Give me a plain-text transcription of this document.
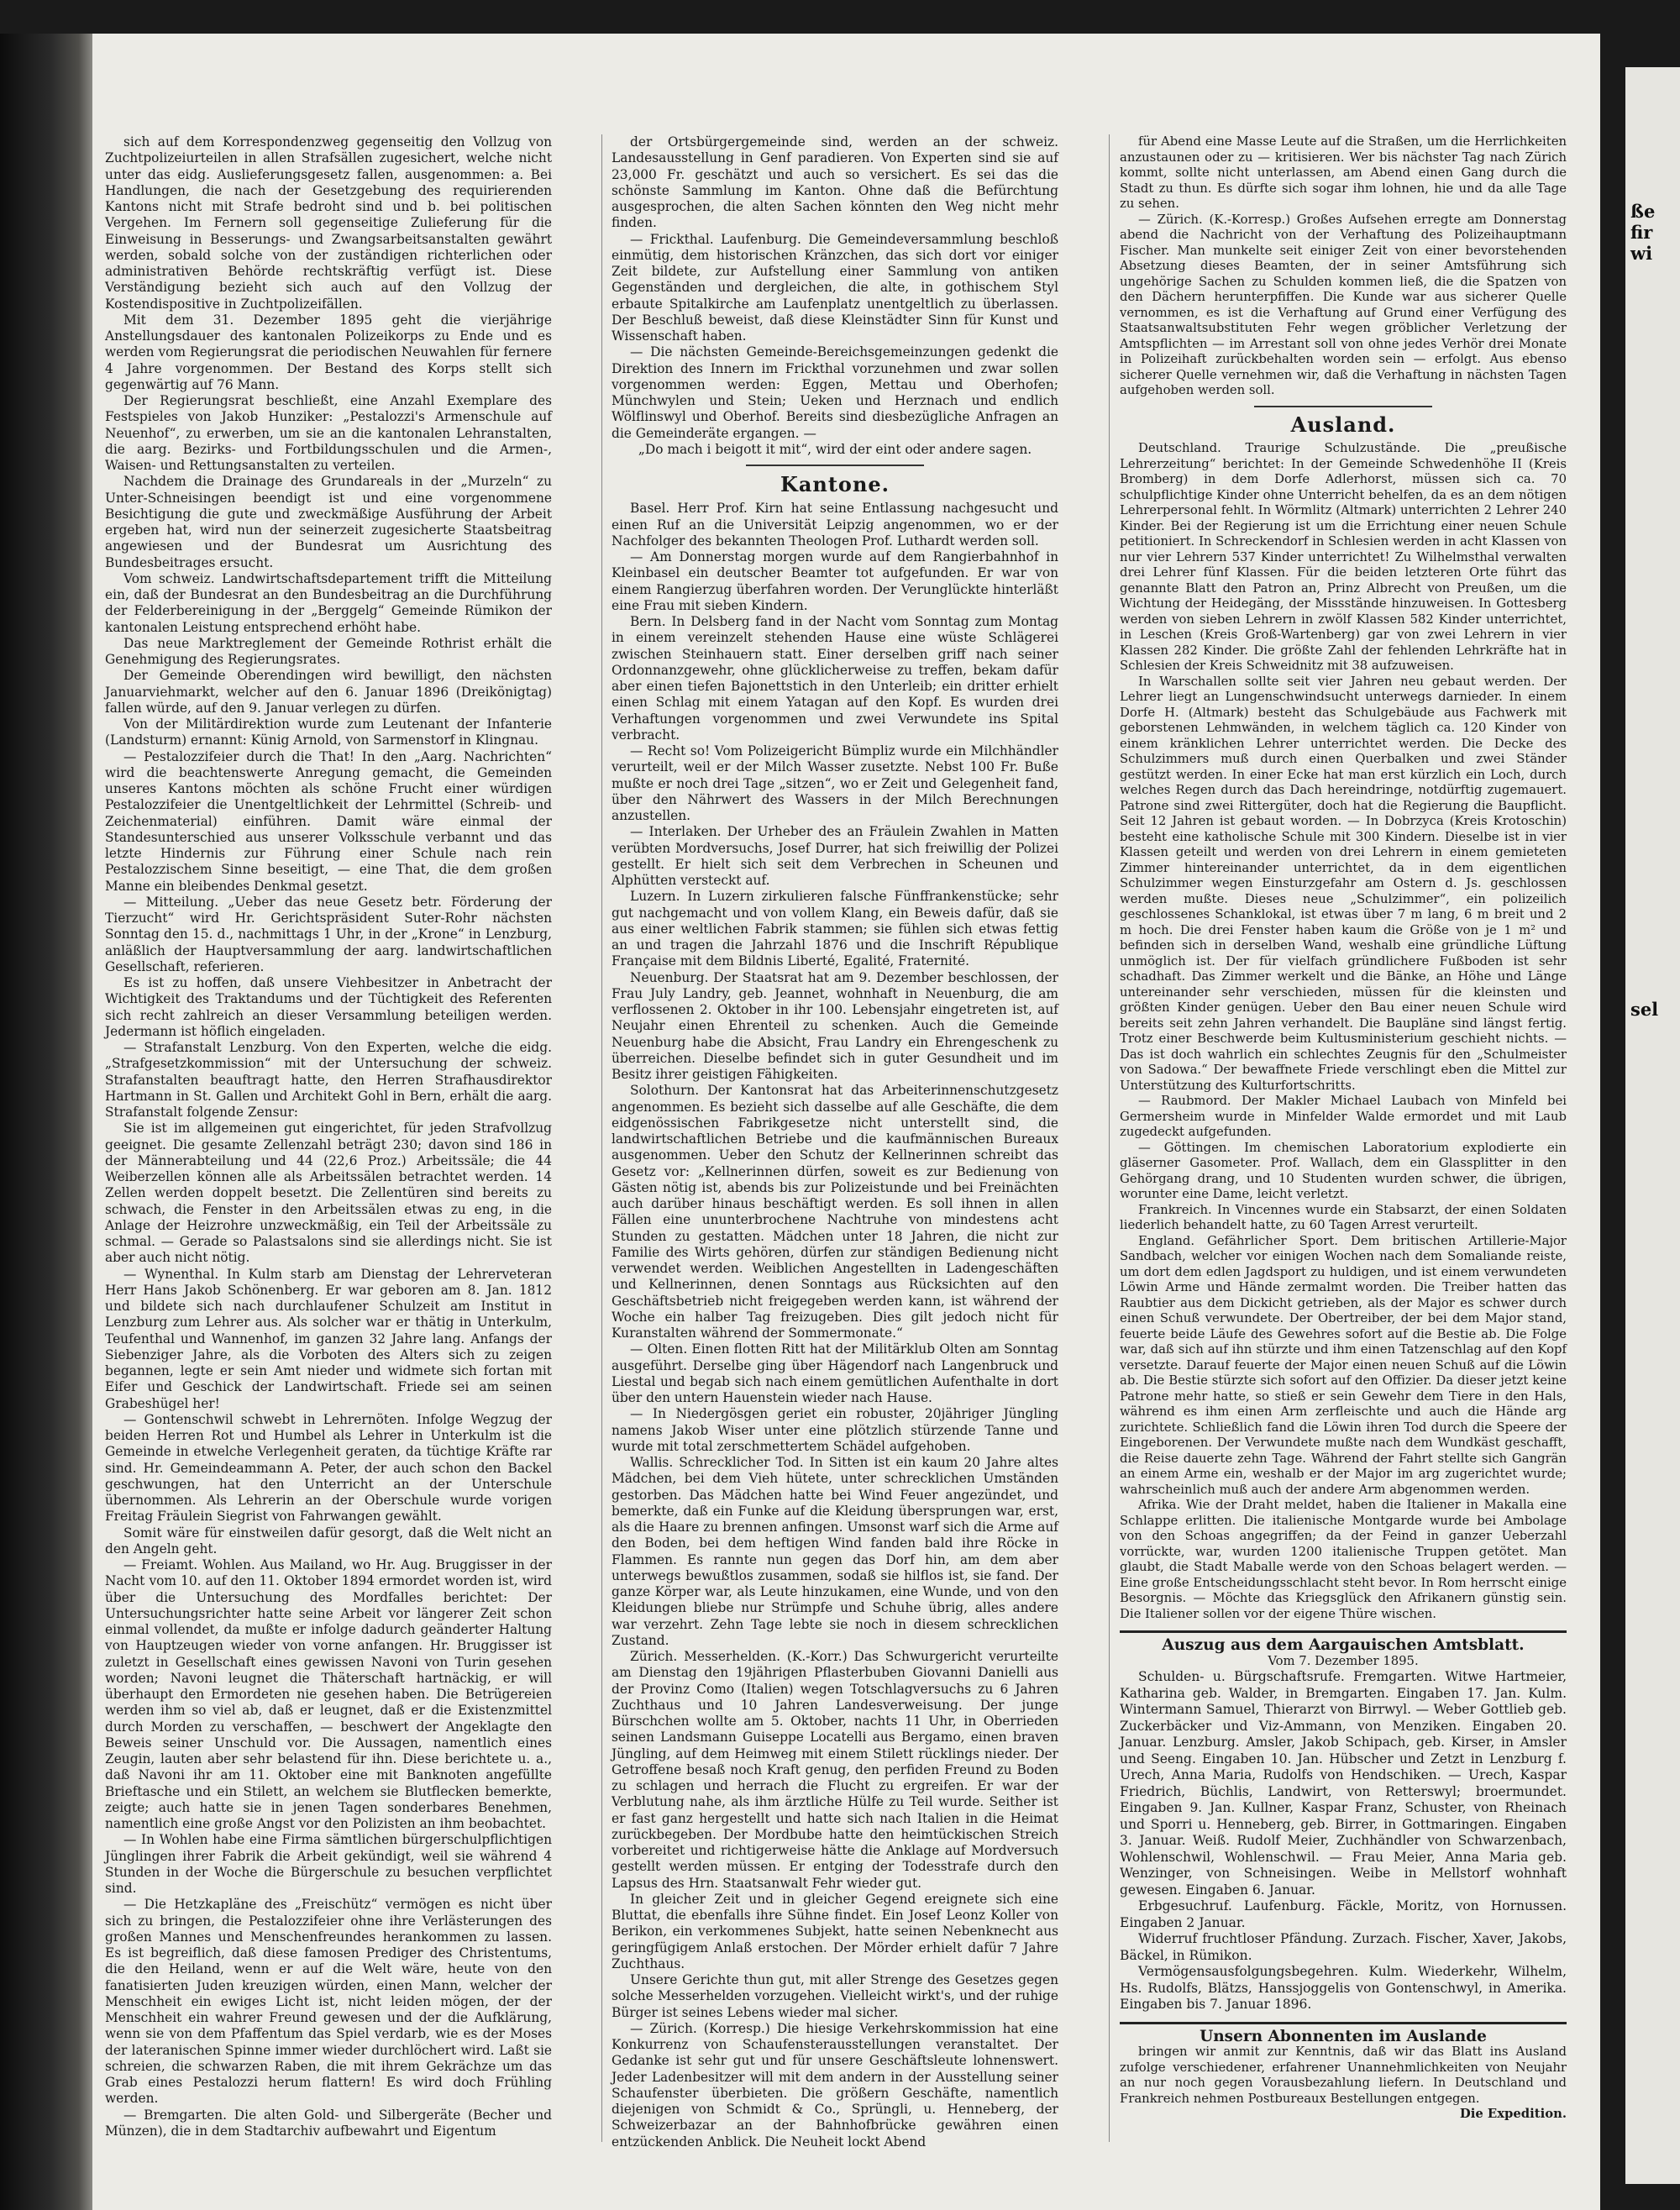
sich auf dem Korrespondenzweg gegenseitig den Vollzug von Zuchtpolizeiurteilen in allen Strafsällen zugesichert, welche nicht unter das eidg. Auslieferungsgesetz fallen, ausgenommen: a. Bei Handlungen, die nach der Gesetzgebung des requirierenden Kantons nicht mit Strafe bedroht sind und b. bei politischen Vergehen. Im Fernern soll gegenseitige Zulieferung für die Einweisung in Besserungs- und Zwangsarbeitsanstalten gewährt werden, sobald solche von der zuständigen richterlichen oder administrativen Behörde rechtskräftig verfügt ist. Diese Verständigung bezieht sich auch auf den Vollzug der Kostendispositive in Zuchtpolizeifällen.

Mit dem 31. Dezember 1895 geht die vierjährige Anstellungsdauer des kantonalen Polizeikorps zu Ende und es werden vom Regierungsrat die periodischen Neuwahlen für fernere 4 Jahre vorgenommen. Der Bestand des Korps stellt sich gegenwärtig auf 76 Mann.

Der Regierungsrat beschließt, eine Anzahl Exemplare des Festspieles von Jakob Hunziker: „Pestalozzi's Armenschule auf Neuenhof“, zu erwerben, um sie an die kantonalen Lehranstalten, die aarg. Bezirks- und Fortbildungsschulen und die Armen-, Waisen- und Rettungsanstalten zu verteilen.

Nachdem die Drainage des Grundareals in der „Murzeln“ zu Unter-Schneisingen beendigt ist und eine vorgenommene Besichtigung die gute und zweckmäßige Ausführung der Arbeit ergeben hat, wird nun der seinerzeit zugesicherte Staatsbeitrag angewiesen und der Bundesrat um Ausrichtung des Bundesbeitrages ersucht.

Vom schweiz. Landwirtschaftsdepartement trifft die Mitteilung ein, daß der Bundesrat an den Bundesbeitrag an die Durchführung der Felderbereinigung in der „Berggelg“ Gemeinde Rümikon der kantonalen Leistung entsprechend erhöht habe.

Das neue Marktreglement der Gemeinde Rothrist erhält die Genehmigung des Regierungsrates.

Der Gemeinde Oberendingen wird bewilligt, den nächsten Januarviehmarkt, welcher auf den 6. Januar 1896 (Dreikönigtag) fallen würde, auf den 9. Januar verlegen zu dürfen.

Von der Militärdirektion wurde zum Leutenant der Infanterie (Landsturm) ernannt: Künig Arnold, von Sarmenstorf in Klingnau.

— Pestalozzifeier durch die That! In den „Aarg. Nachrichten“ wird die beachtenswerte Anregung gemacht, die Gemeinden unseres Kantons möchten als schöne Frucht einer würdigen Pestalozzifeier die Unentgeltlichkeit der Lehrmittel (Schreib- und Zeichenmaterial) einführen. Damit wäre einmal der Standesunterschied aus unserer Volksschule verbannt und das letzte Hindernis zur Führung einer Schule nach rein Pestalozzischem Sinne beseitigt, — eine That, die dem großen Manne ein bleibendes Denkmal gesetzt.

— Mitteilung. „Ueber das neue Gesetz betr. Förderung der Tierzucht“ wird Hr. Gerichtspräsident Suter-Rohr nächsten Sonntag den 15. d., nachmittags 1 Uhr, in der „Krone“ in Lenzburg, anläßlich der Hauptversammlung der aarg. landwirtschaftlichen Gesellschaft, referieren.

Es ist zu hoffen, daß unsere Viehbesitzer in Anbetracht der Wichtigkeit des Traktandums und der Tüchtigkeit des Referenten sich recht zahlreich an dieser Versammlung beteiligen werden. Jedermann ist höflich eingeladen.

— Strafanstalt Lenzburg. Von den Experten, welche die eidg. „Strafgesetzkommission“ mit der Untersuchung der schweiz. Strafanstalten beauftragt hatte, den Herren Strafhausdirektor Hartmann in St. Gallen und Architekt Gohl in Bern, erhält die aarg. Strafanstalt folgende Zensur:

Sie ist im allgemeinen gut eingerichtet, für jeden Strafvollzug geeignet. Die gesamte Zellenzahl beträgt 230; davon sind 186 in der Männerabteilung und 44 (22,6 Proz.) Arbeitssäle; die 44 Weiberzellen können alle als Arbeitssälen betrachtet werden. 14 Zellen werden doppelt besetzt. Die Zellentüren sind bereits zu schwach, die Fenster in den Arbeitssälen etwas zu eng, in die Anlage der Heizrohre unzweckmäßig, ein Teil der Arbeitssäle zu schmal. — Gerade so Palastsalons sind sie allerdings nicht. Sie ist aber auch nicht nötig.

— Wynenthal. In Kulm starb am Dienstag der Lehrerveteran Herr Hans Jakob Schönenberg. Er war geboren am 8. Jan. 1812 und bildete sich nach durchlaufener Schulzeit am Institut in Lenzburg zum Lehrer aus. Als solcher war er thätig in Unterkulm, Teufenthal und Wannenhof, im ganzen 32 Jahre lang. Anfangs der Siebenziger Jahre, als die Vorboten des Alters sich zu zeigen begannen, legte er sein Amt nieder und widmete sich fortan mit Eifer und Geschick der Landwirtschaft. Friede sei am seinen Grabeshügel her!

— Gontenschwil schwebt in Lehrernöten. Infolge Wegzug der beiden Herren Rot und Humbel als Lehrer in Unterkulm ist die Gemeinde in etwelche Verlegenheit geraten, da tüchtige Kräfte rar sind. Hr. Gemeindeammann A. Peter, der auch schon den Backel geschwungen, hat den Unterricht an der Unterschule übernommen. Als Lehrerin an der Oberschule wurde vorigen Freitag Fräulein Siegrist von Fahrwangen gewählt.

Somit wäre für einstweilen dafür gesorgt, daß die Welt nicht an den Angeln geht.

— Freiamt. Wohlen. Aus Mailand, wo Hr. Aug. Bruggisser in der Nacht vom 10. auf den 11. Oktober 1894 ermordet worden ist, wird über die Untersuchung des Mordfalles berichtet: Der Untersuchungsrichter hatte seine Arbeit vor längerer Zeit schon einmal vollendet, da mußte er infolge dadurch geänderter Haltung von Hauptzeugen wieder von vorne anfangen. Hr. Bruggisser ist zuletzt in Gesellschaft eines gewissen Navoni von Turin gesehen worden; Navoni leugnet die Thäterschaft hartnäckig, er will überhaupt den Ermordeten nie gesehen haben. Die Betrügereien werden ihm so viel ab, daß er leugnet, daß er die Existenzmittel durch Morden zu verschaffen, — beschwert der Angeklagte den Beweis seiner Unschuld vor. Die Aussagen, namentlich eines Zeugin, lauten aber sehr belastend für ihn. Diese berichtete u. a., daß Navoni ihr am 11. Oktober eine mit Banknoten angefüllte Brieftasche und ein Stilett, an welchem sie Blutflecken bemerkte, zeigte; auch hatte sie in jenen Tagen sonderbares Benehmen, namentlich eine große Angst vor den Polizisten an ihm beobachtet.

— In Wohlen habe eine Firma sämtlichen bürgerschulpflichtigen Jünglingen ihrer Fabrik die Arbeit gekündigt, weil sie während 4 Stunden in der Woche die Bürgerschule zu besuchen verpflichtet sind.

— Die Hetzkapläne des „Freischütz“ vermögen es nicht über sich zu bringen, die Pestalozzifeier ohne ihre Verlästerungen des großen Mannes und Menschenfreundes herankommen zu lassen. Es ist begreiflich, daß diese famosen Prediger des Christentums, die den Heiland, wenn er auf die Welt wäre, heute von den fanatisierten Juden kreuzigen würden, einen Mann, welcher der Menschheit ein ewiges Licht ist, nicht leiden mögen, der der Menschheit ein wahrer Freund gewesen und der die Aufklärung, wenn sie von dem Pfaffentum das Spiel verdarb, wie es der Moses der lateranischen Spinne immer wieder durchlöchert wird. Laßt sie schreien, die schwarzen Raben, die mit ihrem Gekrächze um das Grab eines Pestalozzi herum flattern! Es wird doch Frühling werden.

— Bremgarten. Die alten Gold- und Silbergeräte (Becher und Münzen), die in dem Stadtarchiv aufbewahrt und Eigentum

der Ortsbürgergemeinde sind, werden an der schweiz. Landesausstellung in Genf paradieren. Von Experten sind sie auf 23,000 Fr. geschätzt und auch so versichert. Es sei das die schönste Sammlung im Kanton. Ohne daß die Befürchtung ausgesprochen, die alten Sachen könnten den Weg nicht mehr finden.

— Frickthal. Laufenburg. Die Gemeindeversammlung beschloß einmütig, dem historischen Kränzchen, das sich dort vor einiger Zeit bildete, zur Aufstellung einer Sammlung von antiken Gegenständen und dergleichen, die alte, in gothischem Styl erbaute Spitalkirche am Laufenplatz unentgeltlich zu überlassen. Der Beschluß beweist, daß diese Kleinstädter Sinn für Kunst und Wissenschaft haben.

— Die nächsten Gemeinde-Bereichsgemeinzungen gedenkt die Direktion des Innern im Frickthal vorzunehmen und zwar sollen vorgenommen werden: Eggen, Mettau und Oberhofen; Münchwylen und Stein; Ueken und Herznach und endlich Wölflinswyl und Oberhof. Bereits sind diesbezügliche Anfragen an die Gemeinderäte ergangen. —

„Do mach i beigott it mit“, wird der eint oder andere sagen.

Kantone.

Basel. Herr Prof. Kirn hat seine Entlassung nachgesucht und einen Ruf an die Universität Leipzig angenommen, wo er der Nachfolger des bekannten Theologen Prof. Luthardt werden soll.

— Am Donnerstag morgen wurde auf dem Rangierbahnhof in Kleinbasel ein deutscher Beamter tot aufgefunden. Er war von einem Rangierzug überfahren worden. Der Verunglückte hinterläßt eine Frau mit sieben Kindern.

Bern. In Delsberg fand in der Nacht vom Sonntag zum Montag in einem vereinzelt stehenden Hause eine wüste Schlägerei zwischen Steinhauern statt. Einer derselben griff nach seiner Ordonnanzgewehr, ohne glücklicherweise zu treffen, bekam dafür aber einen tiefen Bajonettstich in den Unterleib; ein dritter erhielt einen Schlag mit einem Yatagan auf den Kopf. Es wurden drei Verhaftungen vorgenommen und zwei Verwundete ins Spital verbracht.

— Recht so! Vom Polizeigericht Bümpliz wurde ein Milchhändler verurteilt, weil er der Milch Wasser zusetzte. Nebst 100 Fr. Buße mußte er noch drei Tage „sitzen“, wo er Zeit und Gelegenheit fand, über den Nährwert des Wassers in der Milch Berechnungen anzustellen.

— Interlaken. Der Urheber des an Fräulein Zwahlen in Matten verübten Mordversuchs, Josef Durrer, hat sich freiwillig der Polizei gestellt. Er hielt sich seit dem Verbrechen in Scheunen und Alphütten versteckt auf.

Luzern. In Luzern zirkulieren falsche Fünffrankenstücke; sehr gut nachgemacht und von vollem Klang, ein Beweis dafür, daß sie aus einer weltlichen Fabrik stammen; sie fühlen sich etwas fettig an und tragen die Jahrzahl 1876 und die Inschrift République Française mit dem Bildnis Liberté, Egalité, Fraternité.

Neuenburg. Der Staatsrat hat am 9. Dezember beschlossen, der Frau July Landry, geb. Jeannet, wohnhaft in Neuenburg, die am verflossenen 2. Oktober in ihr 100. Lebensjahr eingetreten ist, auf Neujahr einen Ehrenteil zu schenken. Auch die Gemeinde Neuenburg habe die Absicht, Frau Landry ein Ehrengeschenk zu überreichen. Dieselbe befindet sich in guter Gesundheit und im Besitz ihrer geistigen Fähigkeiten.

Solothurn. Der Kantonsrat hat das Arbeiterinnenschutzgesetz angenommen. Es bezieht sich dasselbe auf alle Geschäfte, die dem eidgenössischen Fabrikgesetze nicht unterstellt sind, die landwirtschaftlichen Betriebe und die kaufmännischen Bureaux ausgenommen. Ueber den Schutz der Kellnerinnen schreibt das Gesetz vor: „Kellnerinnen dürfen, soweit es zur Bedienung von Gästen nötig ist, abends bis zur Polizeistunde und bei Freinächten auch darüber hinaus beschäftigt werden. Es soll ihnen in allen Fällen eine ununterbrochene Nachtruhe von mindestens acht Stunden zu gestatten. Mädchen unter 18 Jahren, die nicht zur Familie des Wirts gehören, dürfen zur ständigen Bedienung nicht verwendet werden. Weiblichen Angestellten in Ladengeschäften und Kellnerinnen, denen Sonntags aus Rücksichten auf den Geschäftsbetrieb nicht freigegeben werden kann, ist während der Woche ein halber Tag freizugeben. Dies gilt jedoch nicht für Kuranstalten während der Sommermonate.“

— Olten. Einen flotten Ritt hat der Militärklub Olten am Sonntag ausgeführt. Derselbe ging über Hägendorf nach Langenbruck und Liestal und begab sich nach einem gemütlichen Aufenthalte in dort über den untern Hauenstein wieder nach Hause.

— In Niedergösgen geriet ein robuster, 20jähriger Jüngling namens Jakob Wiser unter eine plötzlich stürzende Tanne und wurde mit total zerschmettertem Schädel aufgehoben.

Wallis. Schrecklicher Tod. In Sitten ist ein kaum 20 Jahre altes Mädchen, bei dem Vieh hütete, unter schrecklichen Umständen gestorben. Das Mädchen hatte bei Wind Feuer angezündet, und bemerkte, daß ein Funke auf die Kleidung übersprungen war, erst, als die Haare zu brennen anfingen. Umsonst warf sich die Arme auf den Boden, bei dem heftigen Wind fanden bald ihre Röcke in Flammen. Es rannte nun gegen das Dorf hin, am dem aber unterwegs bewußtlos zusammen, sodaß sie hilflos ist, sie fand. Der ganze Körper war, als Leute hinzukamen, eine Wunde, und von den Kleidungen bliebe nur Strümpfe und Schuhe übrig, alles andere war verzehrt. Zehn Tage lebte sie noch in diesem schrecklichen Zustand.

Zürich. Messerhelden. (K.-Korr.) Das Schwurgericht verurteilte am Dienstag den 19jährigen Pflasterbuben Giovanni Danielli aus der Provinz Como (Italien) wegen Totschlagversuchs zu 6 Jahren Zuchthaus und 10 Jahren Landesverweisung. Der junge Bürschchen wollte am 5. Oktober, nachts 11 Uhr, in Oberrieden seinen Landsmann Guiseppe Locatelli aus Bergamo, einen braven Jüngling, auf dem Heimweg mit einem Stilett rücklings nieder. Der Getroffene besaß noch Kraft genug, den perfiden Freund zu Boden zu schlagen und herrach die Flucht zu ergreifen. Er war der Verblutung nahe, als ihm ärztliche Hülfe zu Teil wurde. Seither ist er fast ganz hergestellt und hatte sich nach Italien in die Heimat zurückbegeben. Der Mordbube hatte den heimtückischen Streich vorbereitet und richtigerweise hätte die Anklage auf Mordversuch gestellt werden müssen. Er entging der Todesstrafe durch den Lapsus des Hrn. Staatsanwalt Fehr wieder gut.

In gleicher Zeit und in gleicher Gegend ereignete sich eine Bluttat, die ebenfalls ihre Sühne findet. Ein Josef Leonz Koller von Berikon, ein verkommenes Subjekt, hatte seinen Nebenknecht aus geringfügigem Anlaß erstochen. Der Mörder erhielt dafür 7 Jahre Zuchthaus.

Unsere Gerichte thun gut, mit aller Strenge des Gesetzes gegen solche Messerhelden vorzugehen. Vielleicht wirkt's, und der ruhige Bürger ist seines Lebens wieder mal sicher.

— Zürich. (Korresp.) Die hiesige Verkehrskommission hat eine Konkurrenz von Schaufensterausstellungen veranstaltet. Der Gedanke ist sehr gut und für unsere Geschäftsleute lohnenswert. Jeder Ladenbesitzer will mit dem andern in der Ausstellung seiner Schaufenster überbieten. Die größern Geschäfte, namentlich diejenigen von Schmidt & Co., Sprüngli, u. Henneberg, der Schweizerbazar an der Bahnhofbrücke gewähren einen entzückenden Anblick. Die Neuheit lockt Abend

für Abend eine Masse Leute auf die Straßen, um die Herrlichkeiten anzustaunen oder zu — kritisieren. Wer bis nächster Tag nach Zürich kommt, sollte nicht unterlassen, am Abend einen Gang durch die Stadt zu thun. Es dürfte sich sogar ihm lohnen, hie und da alle Tage zu sehen.

— Zürich. (K.-Korresp.) Großes Aufsehen erregte am Donnerstag abend die Nachricht von der Verhaftung des Polizeihauptmann Fischer. Man munkelte seit einiger Zeit von einer bevorstehenden Absetzung dieses Beamten, der in seiner Amtsführung sich ungehörige Sachen zu Schulden kommen ließ, die die Spatzen von den Dächern herunterpfiffen. Die Kunde war aus sicherer Quelle vernommen, es ist die Verhaftung auf Grund einer Verfügung des Staatsanwaltsubstituten Fehr wegen gröblicher Verletzung der Amtspflichten — im Arrestant soll von ohne jedes Verhör drei Monate in Polizeihaft zurückbehalten worden sein — erfolgt. Aus ebenso sicherer Quelle vernehmen wir, daß die Verhaftung in nächsten Tagen aufgehoben werden soll.

Ausland.

Deutschland. Traurige Schulzustände. Die „preußische Lehrerzeitung“ berichtet: In der Gemeinde Schwedenhöhe II (Kreis Bromberg) in dem Dorfe Adlerhorst, müssen sich ca. 70 schulpflichtige Kinder ohne Unterricht behelfen, da es an dem nötigen Lehrerpersonal fehlt. In Wörmlitz (Altmark) unterrichten 2 Lehrer 240 Kinder. Bei der Regierung ist um die Errichtung einer neuen Schule petitioniert. In Schreckendorf in Schlesien werden in acht Klassen von nur vier Lehrern 537 Kinder unterrichtet! Zu Wilhelmsthal verwalten drei Lehrer fünf Klassen. Für die beiden letzteren Orte führt das genannte Blatt den Patron an, Prinz Albrecht von Preußen, um die Wichtung der Heidegäng, der Missstände hinzuweisen. In Gottesberg werden von sieben Lehrern in zwölf Klassen 582 Kinder unterrichtet, in Leschen (Kreis Groß-Wartenberg) gar von zwei Lehrern in vier Klassen 282 Kinder. Die größte Zahl der fehlenden Lehrkräfte hat in Schlesien der Kreis Schweidnitz mit 38 aufzuweisen.

In Warschallen sollte seit vier Jahren neu gebaut werden. Der Lehrer liegt an Lungenschwindsucht unterwegs darnieder. In einem Dorfe H. (Altmark) besteht das Schulgebäude aus Fachwerk mit geborstenen Lehmwänden, in welchem täglich ca. 120 Kinder von einem kränklichen Lehrer unterrichtet werden. Die Decke des Schulzimmers muß durch einen Querbalken und zwei Ständer gestützt werden. In einer Ecke hat man erst kürzlich ein Loch, durch welches Regen durch das Dach hereindringe, notdürftig zugemauert. Patrone sind zwei Rittergüter, doch hat die Regierung die Baupflicht. Seit 12 Jahren ist gebaut worden. — In Dobrzyca (Kreis Krotoschin) besteht eine katholische Schule mit 300 Kindern. Dieselbe ist in vier Klassen geteilt und werden von drei Lehrern in einem gemieteten Zimmer hintereinander unterrichtet, da in dem eigentlichen Schulzimmer wegen Einsturzgefahr am Ostern d. Js. geschlossen werden mußte. Dieses neue „Schulzimmer“, ein polizeilich geschlossenes Schanklokal, ist etwas über 7 m lang, 6 m breit und 2 m hoch. Die drei Fenster haben kaum die Größe von je 1 m² und befinden sich in derselben Wand, weshalb eine gründliche Lüftung unmöglich ist. Der für vielfach gründlichere Fußboden ist sehr schadhaft. Das Zimmer werkelt und die Bänke, an Höhe und Länge untereinander sehr verschieden, müssen für die kleinsten und größten Kinder genügen. Ueber den Bau einer neuen Schule wird bereits seit zehn Jahren verhandelt. Die Baupläne sind längst fertig. Trotz einer Beschwerde beim Kultusministerium geschieht nichts. — Das ist doch wahrlich ein schlechtes Zeugnis für den „Schulmeister von Sadowa.“ Der bewaffnete Friede verschlingt eben die Mittel zur Unterstützung des Kulturfortschritts.

— Raubmord. Der Makler Michael Laubach von Minfeld bei Germersheim wurde in Minfelder Walde ermordet und mit Laub zugedeckt aufgefunden.

— Göttingen. Im chemischen Laboratorium explodierte ein gläserner Gasometer. Prof. Wallach, dem ein Glassplitter in den Gehörgang drang, und 10 Studenten wurden schwer, die übrigen, worunter eine Dame, leicht verletzt.

Frankreich. In Vincennes wurde ein Stabsarzt, der einen Soldaten liederlich behandelt hatte, zu 60 Tagen Arrest verurteilt.

England. Gefährlicher Sport. Dem britischen Artillerie-Major Sandbach, welcher vor einigen Wochen nach dem Somaliande reiste, um dort dem edlen Jagdsport zu huldigen, und ist einem verwundeten Löwin Arme und Hände zermalmt worden. Die Treiber hatten das Raubtier aus dem Dickicht getrieben, als der Major es schwer durch einen Schuß verwundete. Der Obertreiber, der bei dem Major stand, feuerte beide Läufe des Gewehres sofort auf die Bestie ab. Die Folge war, daß sich auf ihn stürzte und ihm einen Tatzenschlag auf den Kopf versetzte. Darauf feuerte der Major einen neuen Schuß auf die Löwin ab. Die Bestie stürzte sich sofort auf den Offizier. Da dieser jetzt keine Patrone mehr hatte, so stieß er sein Gewehr dem Tiere in den Hals, während es ihm einen Arm zerfleischte und auch die Hände arg zurichtete. Schließlich fand die Löwin ihren Tod durch die Speere der Eingeborenen. Der Verwundete mußte nach dem Wundkäst geschafft, die Reise dauerte zehn Tage. Während der Fahrt stellte sich Gangrän an einem Arme ein, weshalb er der Major im arg zugerichtet wurde; wahrscheinlich muß auch der andere Arm abgenommen werden.

Afrika. Wie der Draht meldet, haben die Italiener in Makalla eine Schlappe erlitten. Die italienische Montgarde wurde bei Ambolage von den Schoas angegriffen; da der Feind in ganzer Ueberzahl vorrückte, war, wurden 1200 italienische Truppen getötet. Man glaubt, die Stadt Maballe werde von den Schoas belagert werden. — Eine große Entscheidungsschlacht steht bevor. In Rom herrscht einige Besorgnis. — Möchte das Kriegsglück den Afrikanern günstig sein. Die Italiener sollen vor der eigene Thüre wischen.

Auszug aus dem Aargauischen Amtsblatt.

Vom 7. Dezember 1895.

Schulden- u. Bürgschaftsrufe. Fremgarten. Witwe Hartmeier, Katharina geb. Walder, in Bremgarten. Eingaben 17. Jan. Kulm. Wintermann Samuel, Thierarzt von Birrwyl. — Weber Gottlieb geb. Zuckerbäcker und Viz-Ammann, von Menziken. Eingaben 20. Januar. Lenzburg. Amsler, Jakob Schipach, geb. Kirser, in Amsler und Seeng. Eingaben 10. Jan. Hübscher und Zetzt in Lenzburg f. Urech, Anna Maria, Rudolfs von Hendschiken. — Urech, Kaspar Friedrich, Büchlis, Landwirt, von Retterswyl; broermundet. Eingaben 9. Jan. Kullner, Kaspar Franz, Schuster, von Rheinach und Sporri u. Henneberg, geb. Birrer, in Gottmaringen. Eingaben 3. Januar. Weiß. Rudolf Meier, Zuchhändler von Schwarzenbach, Wohlenschwil, Wohlenschwil. — Frau Meier, Anna Maria geb. Wenzinger, von Schneisingen. Weibe in Mellstorf wohnhaft gewesen. Eingaben 6. Januar.

Erbgesuchruf. Laufenburg. Fäckle, Moritz, von Hornussen. Eingaben 2 Januar.

Widerruf fruchtloser Pfändung. Zurzach. Fischer, Xaver, Jakobs, Bäckel, in Rümikon.

Vermögensausfolgungsbegehren. Kulm. Wiederkehr, Wilhelm, Hs. Rudolfs, Blätzs, Hanssjoggelis von Gontenschwyl, in Amerika. Eingaben bis 7. Januar 1896.

Unsern Abonnenten im Auslande

bringen wir anmit zur Kenntnis, daß wir das Blatt ins Ausland zufolge verschiedener, erfahrener Unannehmlichkeiten von Neujahr an nur noch gegen Vorausbezahlung liefern. In Deutschland und Frankreich nehmen Postbureaux Bestellungen entgegen.

Die Expedition.

ße
fir
wi
sel
